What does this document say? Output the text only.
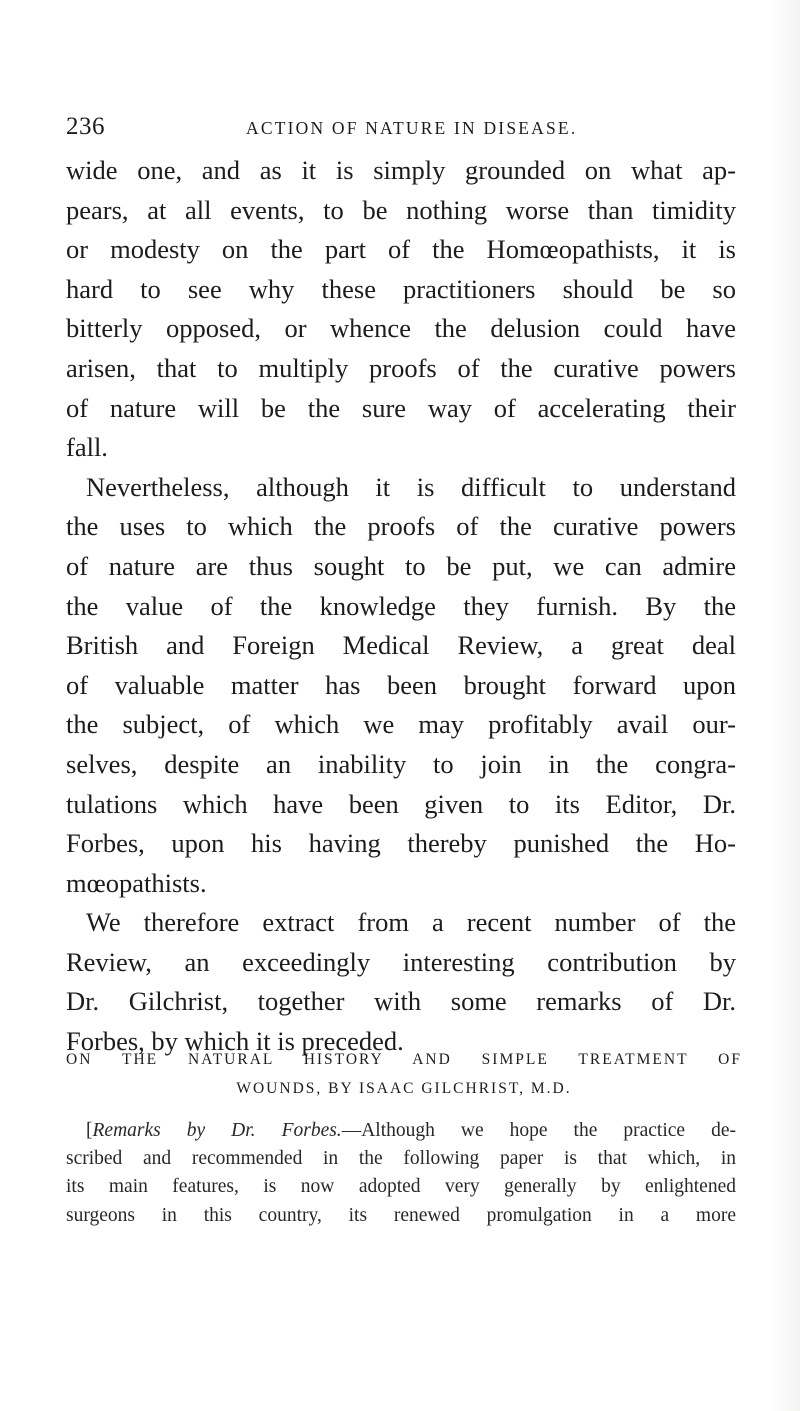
236	ACTION OF NATURE IN DISEASE.
wide one, and as it is simply grounded on what ap-
pears, at all events, to be nothing worse than timidity
or modesty on the part of the Homœopathists, it is
hard to see why these practitioners should be so
bitterly opposed, or whence the delusion could have
arisen, that to multiply proofs of the curative powers
of nature will be the sure way of accelerating their
fall.
Nevertheless, although it is difficult to understand
the uses to which the proofs of the curative powers
of nature are thus sought to be put, we can admire
the value of the knowledge they furnish. By the
British and Foreign Medical Review, a great deal
of valuable matter has been brought forward upon
the subject, of which we may profitably avail our-
selves, despite an inability to join in the congra-
tulations which have been given to its Editor, Dr.
Forbes, upon his having thereby punished the Ho-
mœopathists.
We therefore extract from a recent number of the
Review, an exceedingly interesting contribution by
Dr. Gilchrist, together with some remarks of Dr.
Forbes, by which it is preceded.
ON THE NATURAL HISTORY AND SIMPLE TREATMENT OF
WOUNDS, BY ISAAC GILCHRIST, M.D.
[Remarks by Dr. Forbes.—Although we hope the practice de-
scribed and recommended in the following paper is that which, in
its main features, is now adopted very generally by enlightened
surgeons in this country, its renewed promulgation in a more
